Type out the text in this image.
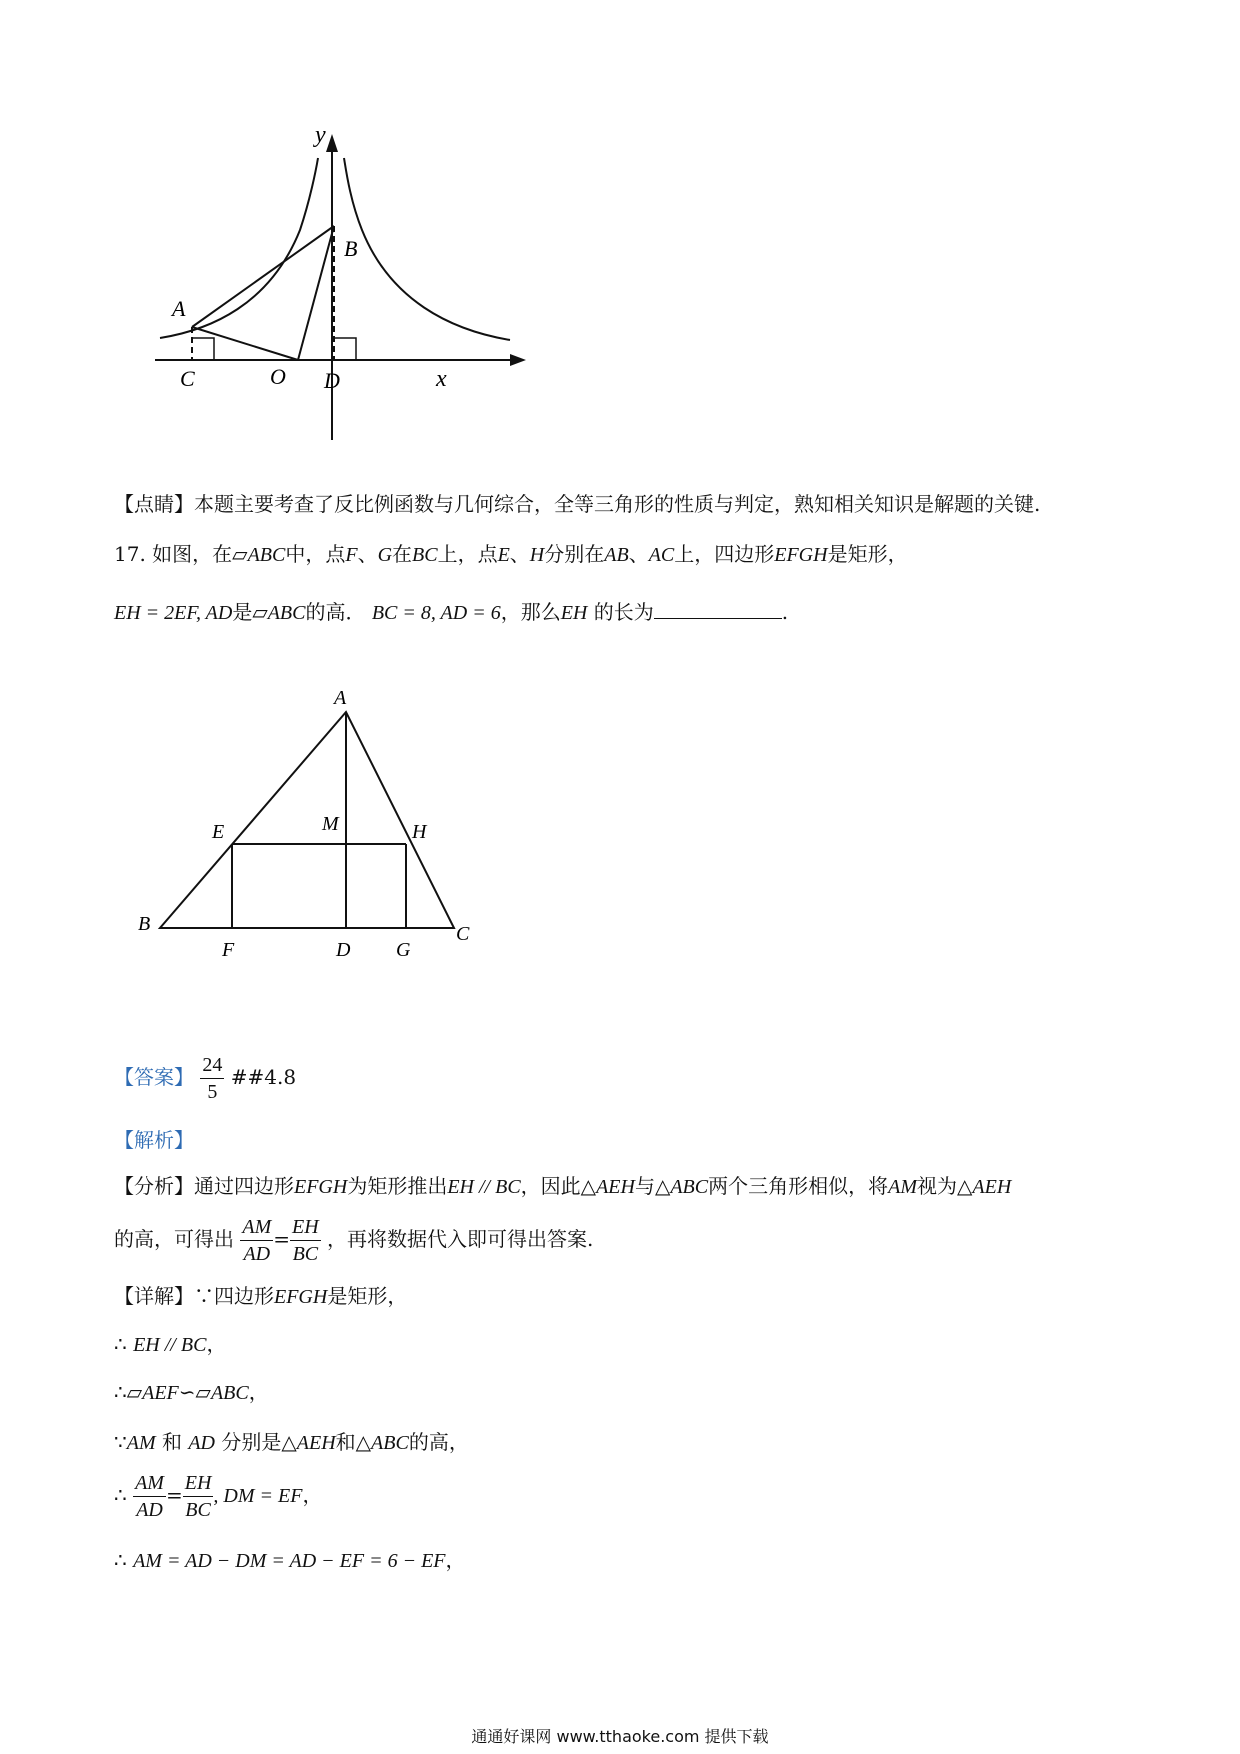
y
x
A
B
C	O D
【点睛】本题主要考查了反比例函数与几何综合，全等三角形的性质与判定，熟知相关知识是解题的关键.
17. 如图，在▱ABC中，点F、G在BC上，点E、H分别在AB、AC上，四边形EFGH是矩形，
EH = 2EF, AD是▱ABC的高． BC = 8, AD = 6，那么EH 的长为	.
A
E	M	H
B
F	D G
C
【答案】 $\frac{24}{5}$ ##4.8
【解析】
【分析】通过四边形EFGH为矩形推出EH // BC，因此△AEH与△ABC两个三角形相似，将AM视为△AEH
的高，可得出 $\frac{AM}{AD} = \frac{EH}{BC}$ ，再将数据代入即可得出答案.
【详解】∵四边形EFGH是矩形，
∴ EH // BC，
∴▱AEF∽▱ABC，
∵AM 和 AD 分别是△AEH和△ABC的高，
∴ $\frac{AM}{AD} = \frac{EH}{BC}$ , DM = EF，
∴ AM = AD − DM = AD − EF = 6 − EF，
通通好课网 www.tthaoke.com 提供下载
